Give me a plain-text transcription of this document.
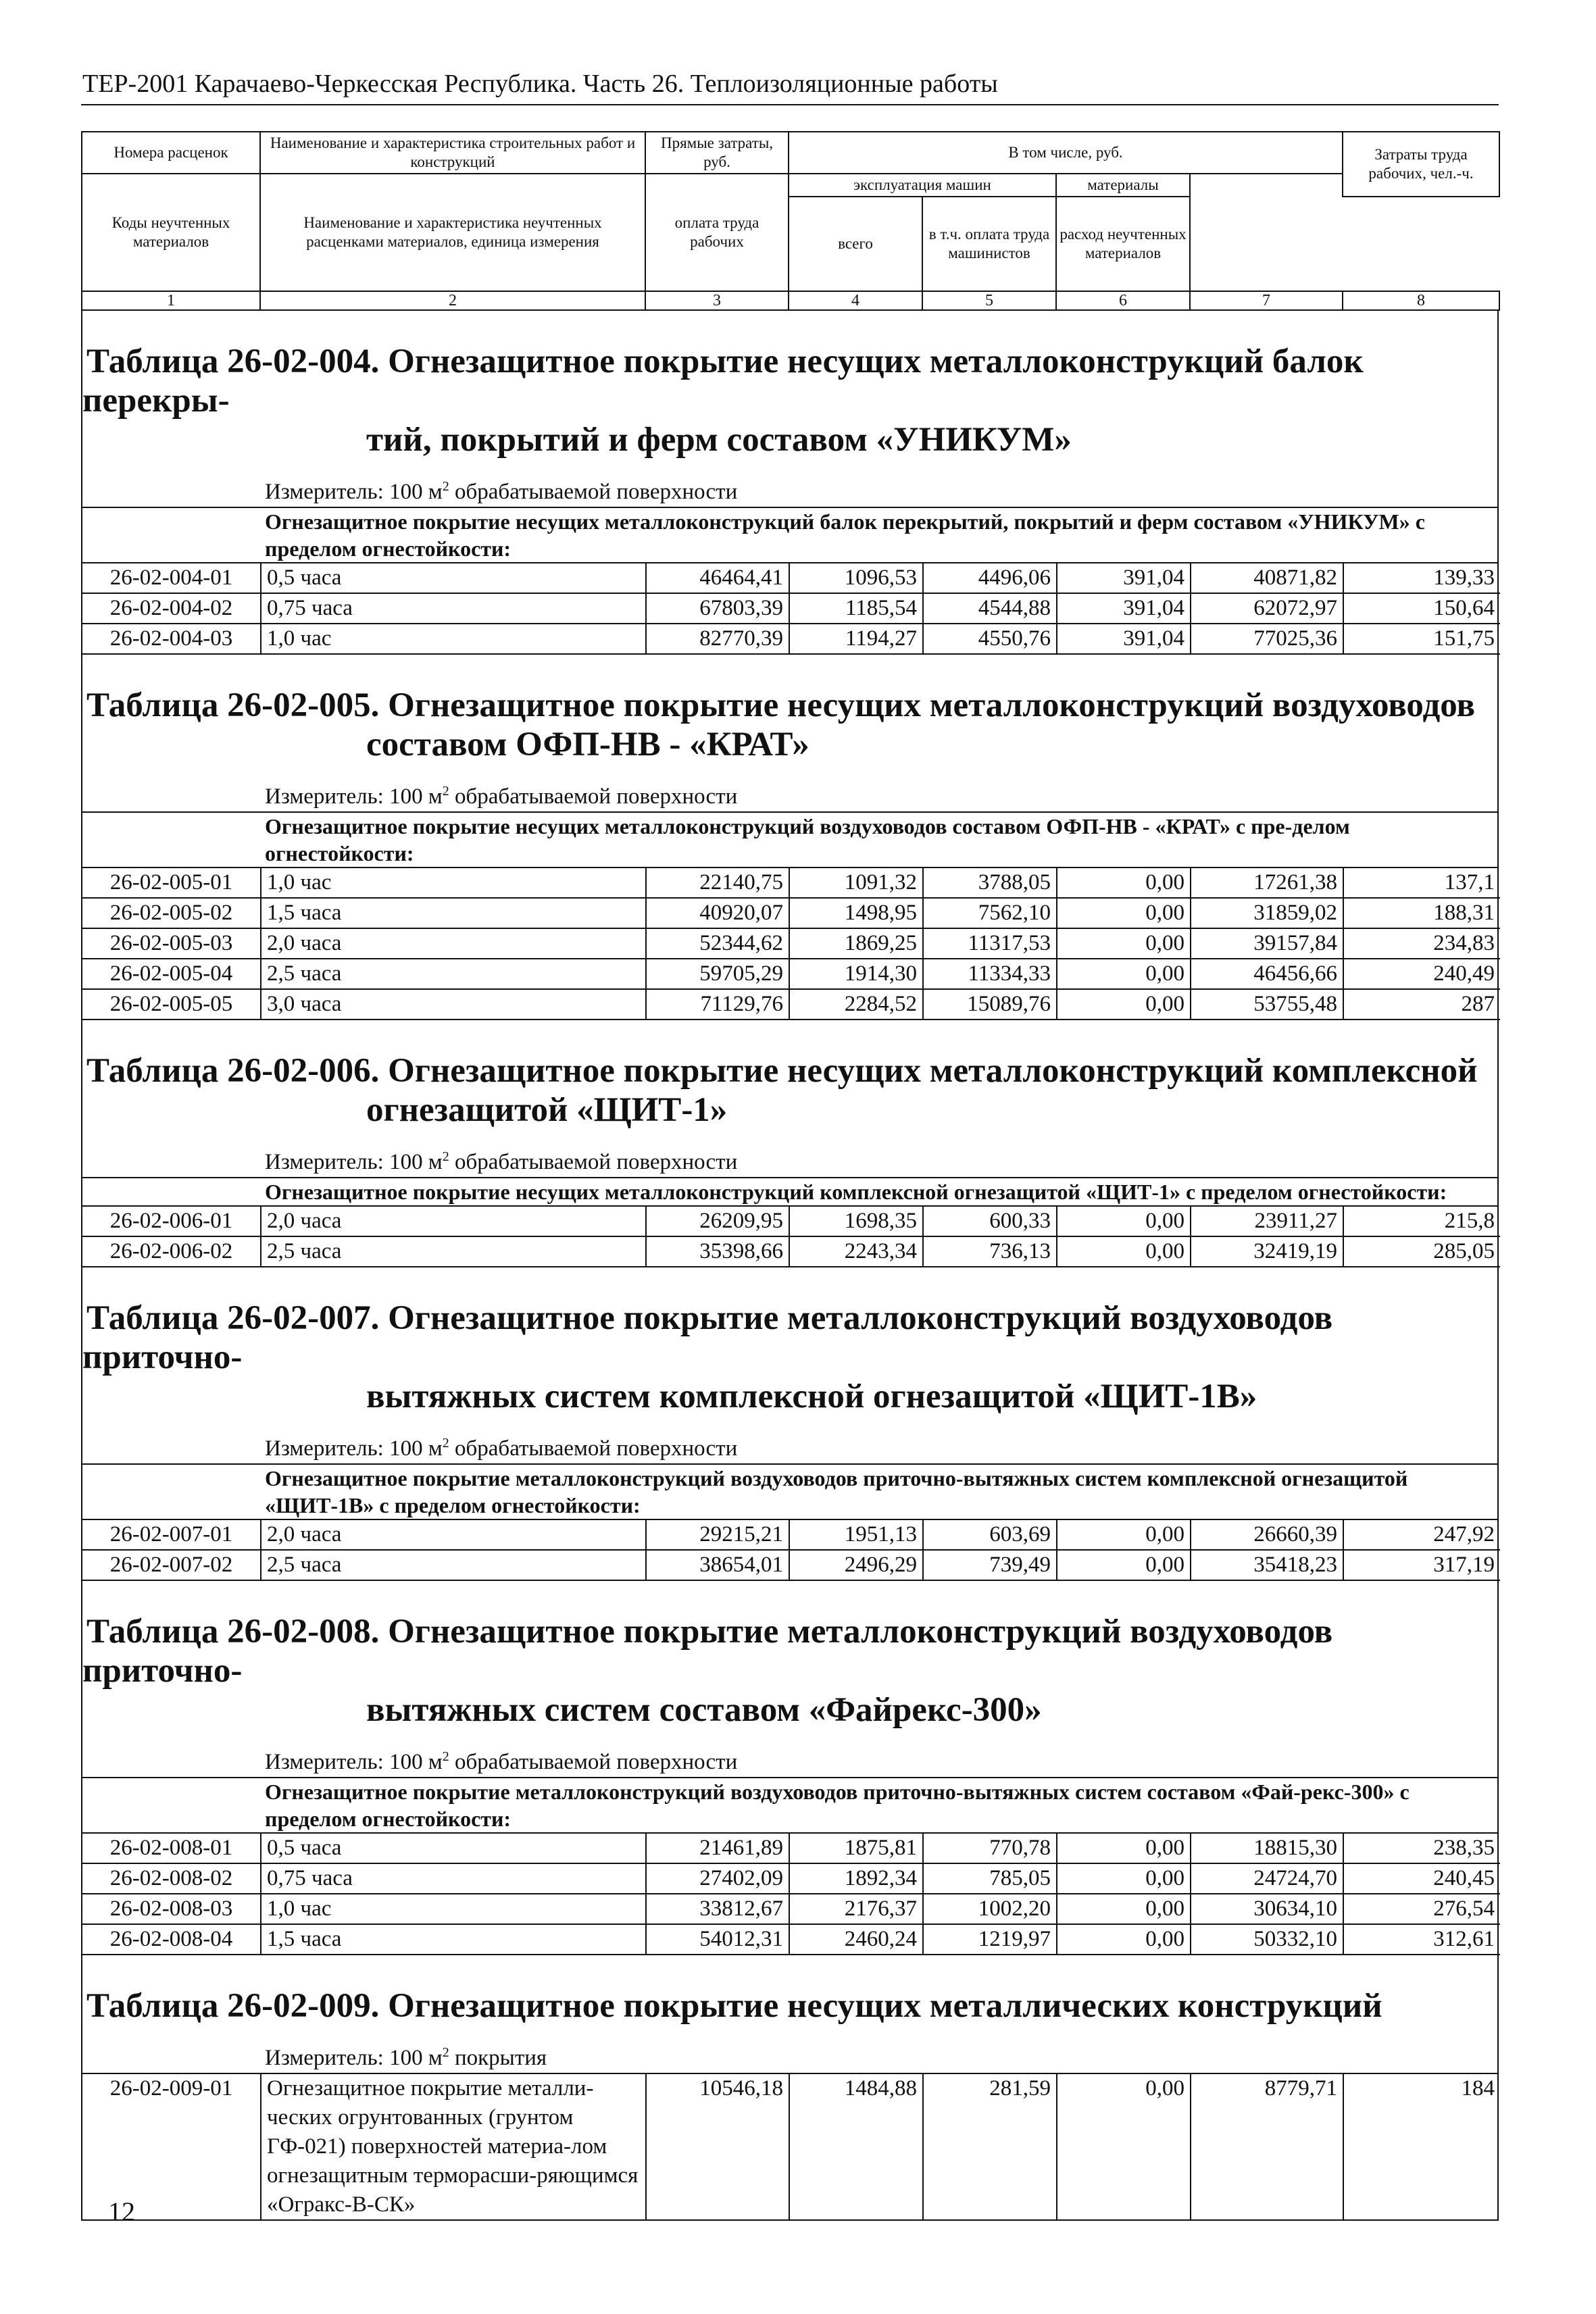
ТЕР-2001 Карачаево-Черкесская Республика. Часть 26. Теплоизоляционные работы
Номера расценок	Наименование и характеристика строительных работ и конструкций	Прямые затраты, руб.	В том числе, руб.				Затраты труда рабочих, чел.-ч.

Коды неучтенных материалов	Наименование и характеристика неучтенных расценками материалов, единица измерения	оплата труда рабочих	эксплуатация машин		материалы		
			всего	в т.ч. оплата труда машинистов	расход неучтенных материалов		
1	2	3	4	5	6	7	8
Таблица 26-02-004. Огнезащитное покрытие несущих металлоконструкций балок перекры-
тий, покрытий и ферм составом «УНИКУМ»
Измеритель: 100 $м^2$ обрабатываемой поверхности
Огнезащитное покрытие несущих металлоконструкций балок перекрытий, покрытий и ферм составом «УНИКУМ» с пределом огнестойкости:
26-02-004-01	0,5 часа	46464,41	1096,53	4496,06	391,04	40871,82	139,33
26-02-004-02	0,75 часа	67803,39	1185,54	4544,88	391,04	62072,97	150,64
26-02-004-03	1,0 час	82770,39	1194,27	4550,76	391,04	77025,36	151,75
Таблица 26-02-005. Огнезащитное покрытие несущих металлоконструкций воздуховодов
составом ОФП-НВ - «КРАТ»
Измеритель: 100 $м^2$ обрабатываемой поверхности
Огнезащитное покрытие несущих металлоконструкций воздуховодов составом ОФП-НВ - «КРАТ» с пре-делом огнестойкости:
26-02-005-01	1,0 час	22140,75	1091,32	3788,05	0,00	17261,38	137,1
26-02-005-02	1,5 часа	40920,07	1498,95	7562,10	0,00	31859,02	188,31
26-02-005-03	2,0 часа	52344,62	1869,25	11317,53	0,00	39157,84	234,83
26-02-005-04	2,5 часа	59705,29	1914,30	11334,33	0,00	46456,66	240,49
26-02-005-05	3,0 часа	71129,76	2284,52	15089,76	0,00	53755,48	287
Таблица 26-02-006. Огнезащитное покрытие несущих металлоконструкций комплексной
огнезащитой «ЩИТ-1»
Измеритель: 100 $м^2$ обрабатываемой поверхности
Огнезащитное покрытие несущих металлоконструкций комплексной огнезащитой «ЩИТ-1» с пределом огнестойкости:
26-02-006-01	2,0 часа	26209,95	1698,35	600,33	0,00	23911,27	215,8
26-02-006-02	2,5 часа	35398,66	2243,34	736,13	0,00	32419,19	285,05
Таблица 26-02-007. Огнезащитное покрытие металлоконструкций воздуховодов приточно-
вытяжных систем комплексной огнезащитой «ЩИТ-1В»
Измеритель: 100 $м^2$ обрабатываемой поверхности
Огнезащитное покрытие металлоконструкций воздуховодов приточно-вытяжных систем комплексной огнезащитой «ЩИТ-1В» с пределом огнестойкости:
26-02-007-01	2,0 часа	29215,21	1951,13	603,69	0,00	26660,39	247,92
26-02-007-02	2,5 часа	38654,01	2496,29	739,49	0,00	35418,23	317,19
Таблица 26-02-008. Огнезащитное покрытие металлоконструкций воздуховодов приточно-
вытяжных систем составом «Файрекс-300»
Измеритель: 100 $м^2$ обрабатываемой поверхности
Огнезащитное покрытие металлоконструкций воздуховодов приточно-вытяжных систем составом «Фай-рекс-300» с пределом огнестойкости:
26-02-008-01	0,5 часа	21461,89	1875,81	770,78	0,00	18815,30	238,35
26-02-008-02	0,75 часа	27402,09	1892,34	785,05	0,00	24724,70	240,45
26-02-008-03	1,0 час	33812,67	2176,37	1002,20	0,00	30634,10	276,54
26-02-008-04	1,5 часа	54012,31	2460,24	1219,97	0,00	50332,10	312,61
Таблица 26-02-009. Огнезащитное покрытие несущих металлических конструкций
Измеритель: 100 $м^2$ покрытия
26-02-009-01	Огнезащитное покрытие металли-ческих огрунтованных (грунтом ГФ-021) поверхностей материа-лом огнезащитным терморасши-ряющимся «Огракс-В-СК»	10546,18	1484,88	281,59	0,00	8779,71	184
12
